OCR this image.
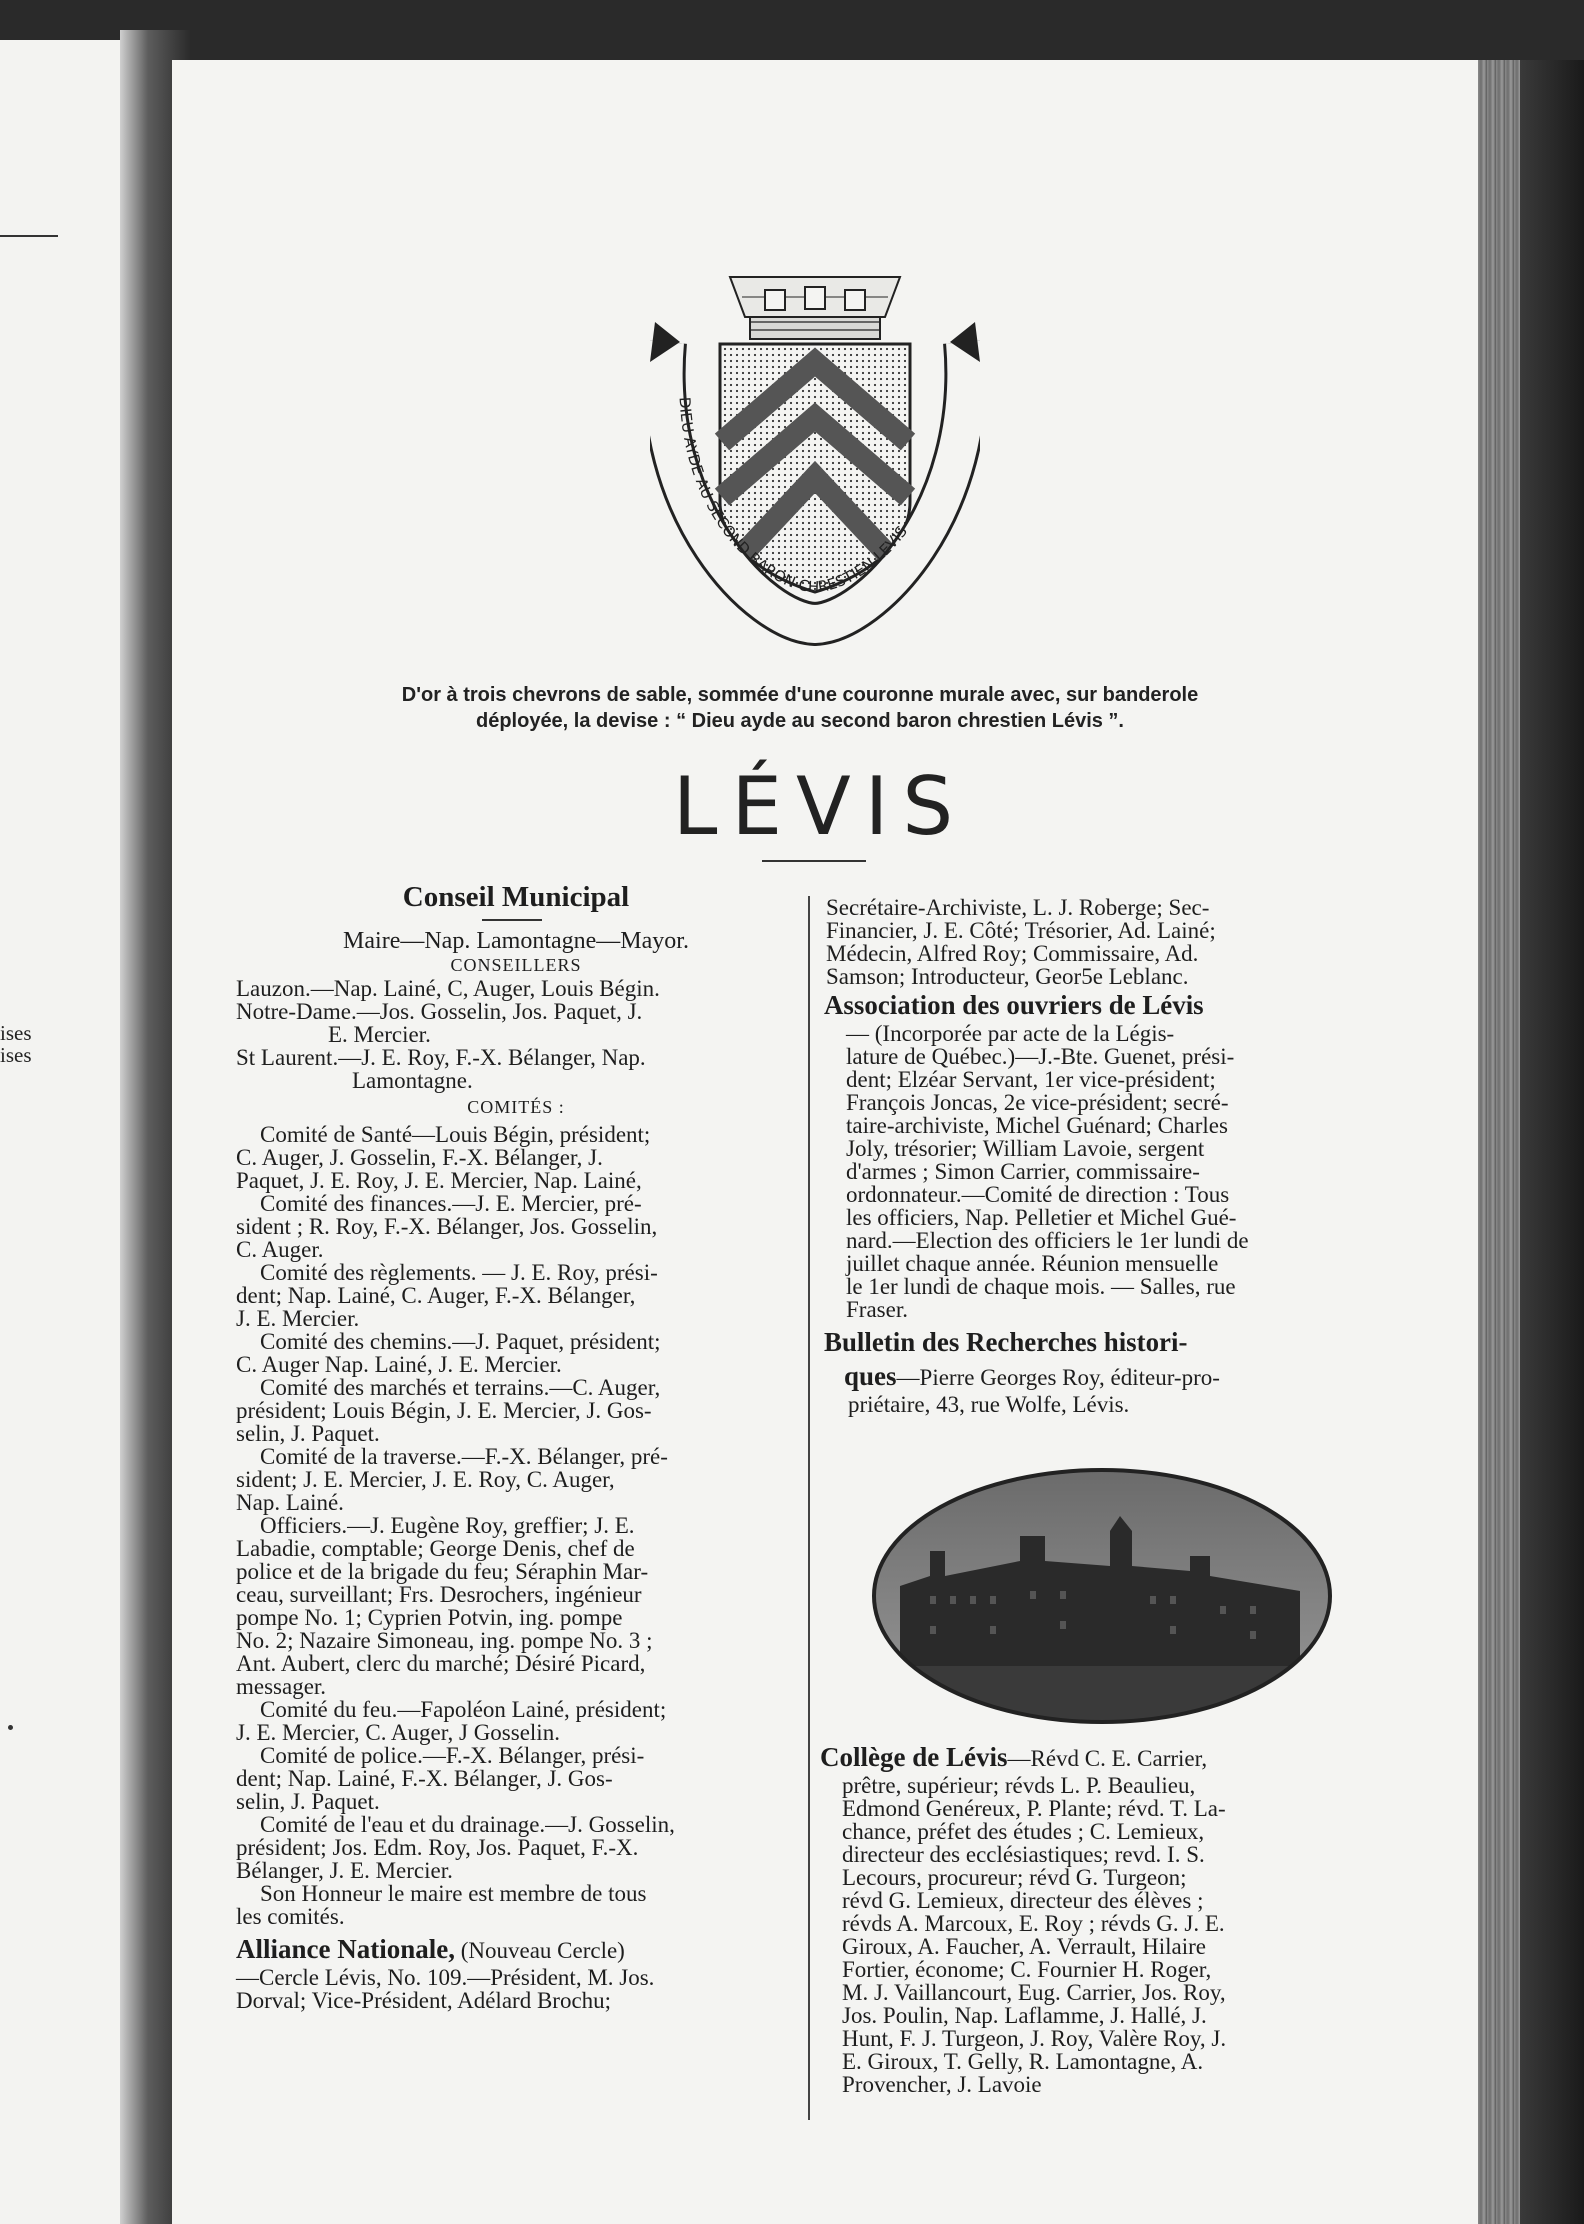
ises
ises
DIEU AYDE AU SECOND BARON CHRESTIEN LEVIS
D'or à trois chevrons de sable, sommée d'une couronne murale avec, sur banderole
déployée, la devise : “ Dieu ayde au second baron chrestien Lévis ”.
LÉVIS
Conseil Municipal
Maire—Nap. Lamontagne—Mayor.
CONSEILLERS
Lauzon.—Nap. Lainé, C, Auger, Louis Bégin.
Notre-Dame.—Jos. Gosselin, Jos. Paquet, J.
E. Mercier.
St Laurent.—J. E. Roy, F.-X. Bélanger, Nap.
Lamontagne.
COMITÉS :
Comité de Santé—Louis Bégin, président;
C. Auger, J. Gosselin, F.-X. Bélanger, J.
Paquet, J. E. Roy, J. E. Mercier, Nap. Lainé,
Comité des finances.—J. E. Mercier, pré-
sident ; R. Roy, F.-X. Bélanger, Jos. Gosselin,
C. Auger.
Comité des règlements. — J. E. Roy, prési-
dent; Nap. Lainé, C. Auger, F.-X. Bélanger,
J. E. Mercier.
Comité des chemins.—J. Paquet, président;
C. Auger Nap. Lainé, J. E. Mercier.
Comité des marchés et terrains.—C. Auger,
président; Louis Bégin, J. E. Mercier, J. Gos-
selin, J. Paquet.
Comité de la traverse.—F.-X. Bélanger, pré-
sident; J. E. Mercier, J. E. Roy, C. Auger,
Nap. Lainé.
Officiers.—J. Eugène Roy, greffier; J. E.
Labadie, comptable; George Denis, chef de
police et de la brigade du feu; Séraphin Mar-
ceau, surveillant; Frs. Desrochers, ingénieur
pompe No. 1; Cyprien Potvin, ing. pompe
No. 2; Nazaire Simoneau, ing. pompe No. 3 ;
Ant. Aubert, clerc du marché; Désiré Picard,
messager.
Comité du feu.—Fapoléon Lainé, président;
J. E. Mercier, C. Auger, J Gosselin.
Comité de police.—F.-X. Bélanger, prési-
dent; Nap. Lainé, F.-X. Bélanger, J. Gos-
selin, J. Paquet.
Comité de l'eau et du drainage.—J. Gosselin,
président; Jos. Edm. Roy, Jos. Paquet, F.-X.
Bélanger, J. E. Mercier.
Son Honneur le maire est membre de tous
les comités.
Alliance Nationale, (Nouveau Cercle)
—Cercle Lévis, No. 109.—Président, M. Jos.
Dorval; Vice-Président, Adélard Brochu;
Secrétaire-Archiviste, L. J. Roberge; Sec-
Financier, J. E. Côté; Trésorier, Ad. Lainé;
Médecin, Alfred Roy; Commissaire, Ad.
Samson; Introducteur, Geor5e Leblanc.
Association des ouvriers de Lévis
— (Incorporée par acte de la Légis-
lature de Québec.)—J.-Bte. Guenet, prési-
dent; Elzéar Servant, 1er vice-président;
François Joncas, 2e vice-président; secré-
taire-archiviste, Michel Guénard; Charles
Joly, trésorier; William Lavoie, sergent
d'armes ; Simon Carrier, commissaire-
ordonnateur.—Comité de direction : Tous
les officiers, Nap. Pelletier et Michel Gué-
nard.—Election des officiers le 1er lundi de
juillet chaque année. Réunion mensuelle
le 1er lundi de chaque mois. — Salles, rue
Fraser.
Bulletin des Recherches histori-
ques—Pierre Georges Roy, éditeur-pro-
priétaire, 43, rue Wolfe, Lévis.
Collège de Lévis—Révd C. E. Carrier,
prêtre, supérieur; révds L. P. Beaulieu,
Edmond Genéreux, P. Plante; révd. T. La-
chance, préfet des études ; C. Lemieux,
directeur des ecclésiastiques; revd. I. S.
Lecours, procureur; révd G. Turgeon;
révd G. Lemieux, directeur des élèves ;
révds A. Marcoux, E. Roy ; révds G. J. E.
Giroux, A. Faucher, A. Verrault, Hilaire
Fortier, économe; C. Fournier H. Roger,
M. J. Vaillancourt, Eug. Carrier, Jos. Roy,
Jos. Poulin, Nap. Laflamme, J. Hallé, J.
Hunt, F. J. Turgeon, J. Roy, Valère Roy, J.
E. Giroux, T. Gelly, R. Lamontagne, A.
Provencher, J. Lavoie
